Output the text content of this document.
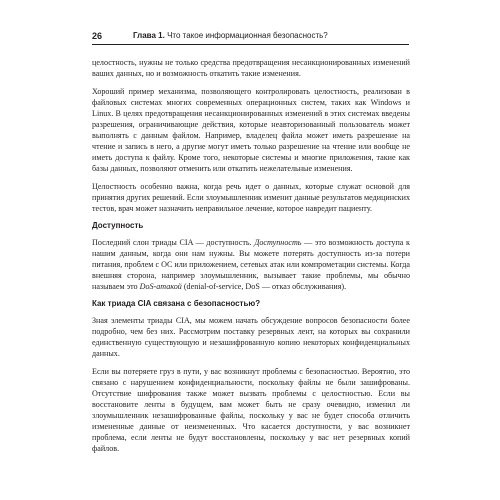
26	Глава 1. Что такое информационная безопасность?

целостность, нужны не только средства предотвращения несанкционированных изменений ваших данных, но и возможность откатить такие изменения.

Хороший пример механизма, позволяющего контролировать целостность, реализован в файловых системах многих современных операционных систем, таких как Windows и Linux. В целях предотвращения несанкционированных изменений в этих системах введены разрешения, ограничивающие действия, которые неавторизованный пользователь может выполнять с данным файлом. Например, владелец файла может иметь разрешение на чтение и запись в него, а другие могут иметь только разрешение на чтение или вообще не иметь доступа к файлу. Кроме того, некоторые системы и многие приложения, такие как базы данных, позволяют отменить или откатить нежелательные изменения.

Целостность особенно важна, когда речь идет о данных, которые служат основой для принятия других решений. Если злоумышленник изменит данные результатов медицинских тестов, врач может назначить неправильное лечение, которое навредит пациенту.

Доступность

Последний слон триады CIA — доступность. Доступность — это возможность доступа к нашим данным, когда они нам нужны. Вы можете потерять доступность из-за потери питания, проблем с ОС или приложением, сетевых атак или компрометации системы. Когда внешняя сторона, например злоумышленник, вызывает такие проблемы, мы обычно называем это DoS-атакой (denial-of-service, DoS — отказ обслуживания).

Как триада CIA связана с безопасностью?

Зная элементы триады CIA, мы можем начать обсуждение вопросов безопасности более подробно, чем без них. Рассмотрим поставку резервных лент, на которых вы сохранили единственную существующую и незашифрованную копию некоторых конфиденциальных данных.

Если вы потеряете груз в пути, у вас возникнут проблемы с безопасностью. Вероятно, это связано с нарушением конфиденциальности, поскольку файлы не были зашифрованы. Отсутствие шифрования также может вызвать проблемы с целостностью. Если вы восстановите ленты в будущем, вам может быть не сразу очевидно, изменил ли злоумышленник незашифрованные файлы, поскольку у вас не будет способа отличить измененные данные от неизмененных. Что касается доступности, у вас возникнет проблема, если ленты не будут восстановлены, поскольку у вас нет резервных копий файлов.
